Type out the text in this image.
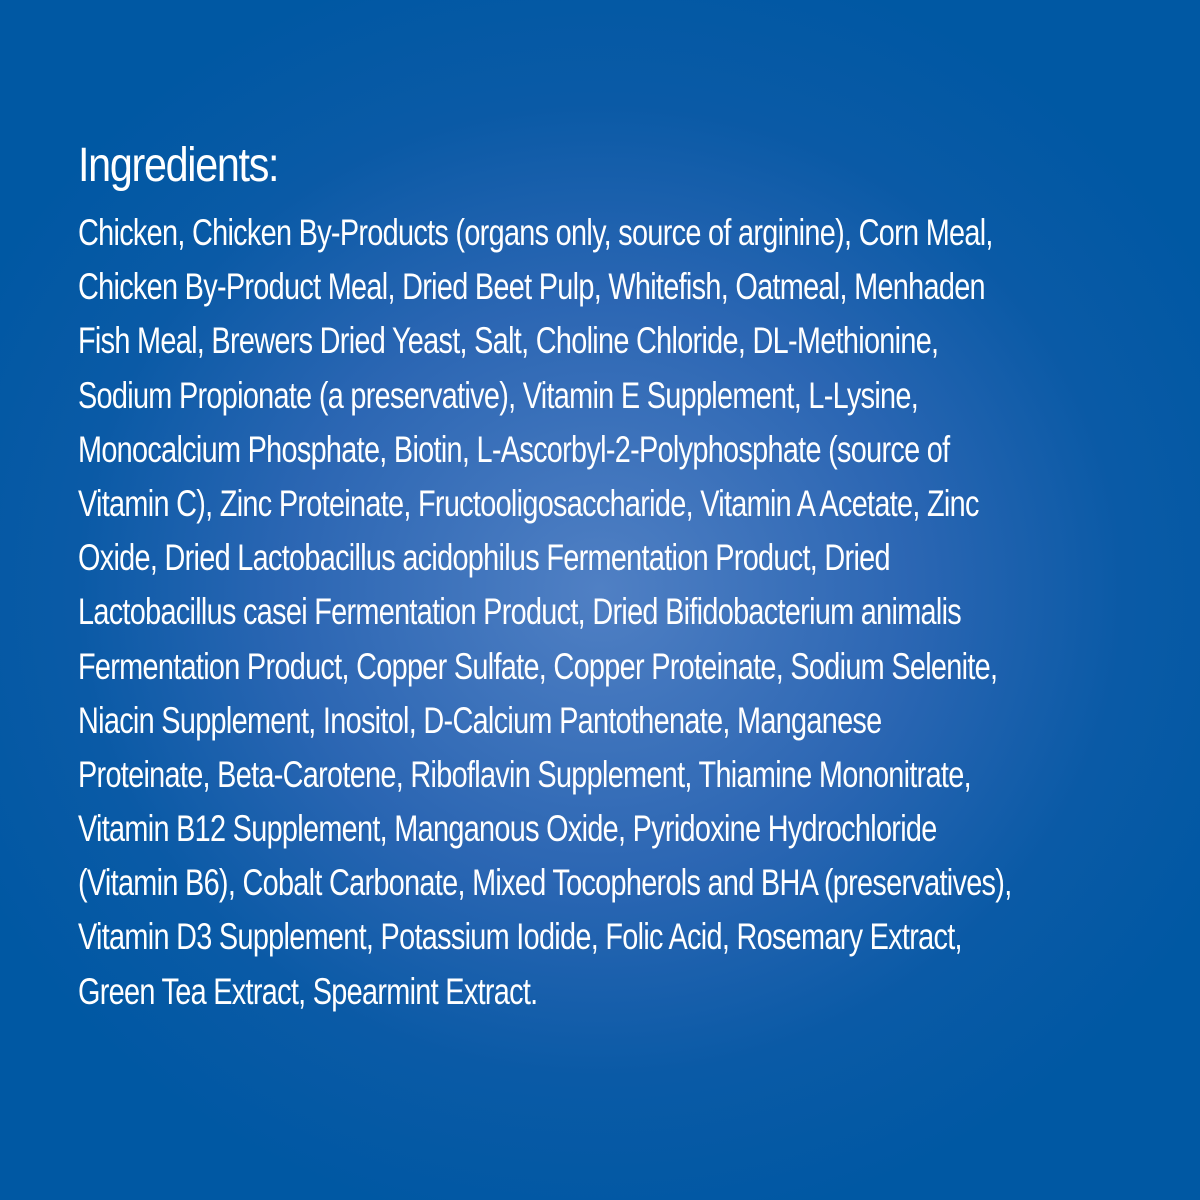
Ingredients:
Chicken, Chicken By-Products (organs only, source of arginine), Corn Meal,
Chicken By-Product Meal, Dried Beet Pulp, Whitefish, Oatmeal, Menhaden
Fish Meal, Brewers Dried Yeast, Salt, Choline Chloride, DL-Methionine,
Sodium Propionate (a preservative), Vitamin E Supplement, L-Lysine,
Monocalcium Phosphate, Biotin, L-Ascorbyl-2-Polyphosphate (source of
Vitamin C), Zinc Proteinate, Fructooligosaccharide, Vitamin A Acetate, Zinc
Oxide, Dried Lactobacillus acidophilus Fermentation Product, Dried
Lactobacillus casei Fermentation Product, Dried Bifidobacterium animalis
Fermentation Product, Copper Sulfate, Copper Proteinate, Sodium Selenite,
Niacin Supplement, Inositol, D-Calcium Pantothenate, Manganese
Proteinate, Beta-Carotene, Riboflavin Supplement, Thiamine Mononitrate,
Vitamin B12 Supplement, Manganous Oxide, Pyridoxine Hydrochloride
(Vitamin B6), Cobalt Carbonate, Mixed Tocopherols and BHA (preservatives),
Vitamin D3 Supplement, Potassium Iodide, Folic Acid, Rosemary Extract,
Green Tea Extract, Spearmint Extract.
